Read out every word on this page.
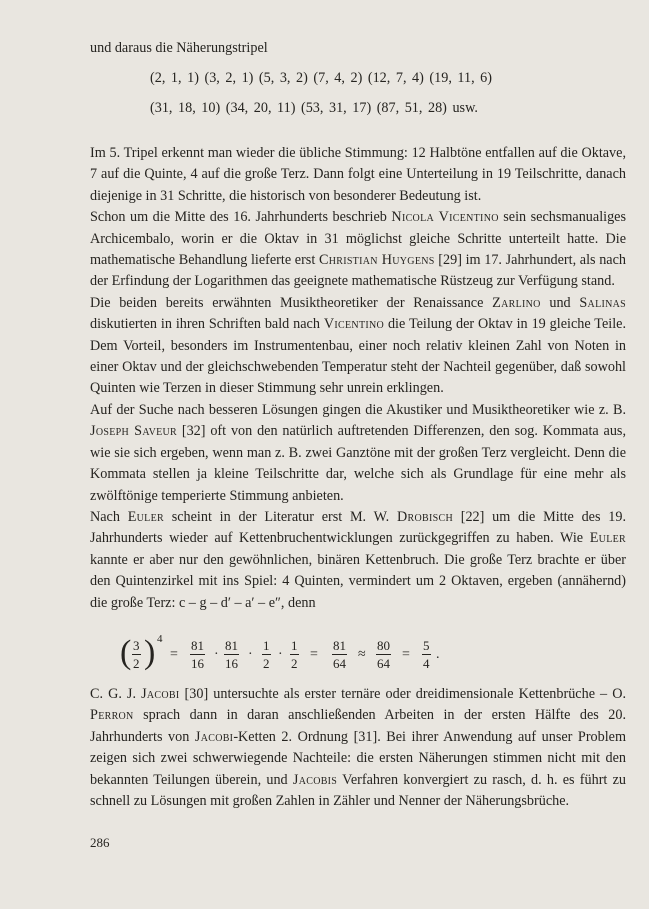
und daraus die Näherungstripel
(2, 1, 1) (3, 2, 1) (5, 3, 2) (7, 4, 2) (12, 7, 4) (19, 11, 6)
(31, 18, 10) (34, 20, 11) (53, 31, 17) (87, 51, 28) usw.
Im 5. Tripel erkennt man wieder die übliche Stimmung: 12 Halbtöne entfallen auf die Oktave, 7 auf die Quinte, 4 auf die große Terz. Dann folgt eine Unterteilung in 19 Teilschritte, danach diejenige in 31 Schritte, die historisch von besonderer Bedeutung ist.
Schon um die Mitte des 16. Jahrhunderts beschrieb Nicola Vicentino sein sechsmanualiges Archicembalo, worin er die Oktav in 31 möglichst gleiche Schritte unterteilt hatte. Die mathematische Behandlung lieferte erst Christian Huygens [29] im 17. Jahrhundert, als nach der Erfindung der Logarithmen das geeignete mathematische Rüstzeug zur Verfügung stand.
Die beiden bereits erwähnten Musiktheoretiker der Renaissance Zarlino und Salinas diskutierten in ihren Schriften bald nach Vicentino die Teilung der Oktav in 19 gleiche Teile. Dem Vorteil, besonders im Instrumentenbau, einer noch relativ kleinen Zahl von Noten in einer Oktav und der gleichschwebenden Temperatur steht der Nachteil gegenüber, daß sowohl Quinten wie Terzen in dieser Stimmung sehr unrein erklingen.
Auf der Suche nach besseren Lösungen gingen die Akustiker und Musiktheoretiker wie z. B. Joseph Saveur [32] oft von den natürlich auftretenden Differenzen, den sog. Kommata aus, wie sie sich ergeben, wenn man z. B. zwei Ganztöne mit der großen Terz vergleicht. Denn die Kommata stellen ja kleine Teilschritte dar, welche sich als Grundlage für eine mehr als zwölftönige temperierte Stimmung anbieten.
Nach Euler scheint in der Literatur erst M. W. Drobisch [22] um die Mitte des 19. Jahrhunderts wieder auf Kettenbruchentwicklungen zurückgegriffen zu haben. Wie Euler kannte er aber nur den gewöhnlichen, binären Kettenbruch. Die große Terz brachte er über den Quintenzirkel mit ins Spiel: 4 Quinten, vermindert um 2 Oktaven, ergeben (annähernd) die große Terz: c – g – d′ – a′ – e″, denn
( $\frac{3}{2}$ ) 4
= $\frac{81}{16} \cdot \frac{81}{16} \cdot \frac{1}{2} \cdot \frac{1}{2} = \frac{81}{64} \approx \frac{80}{64} = \frac{5}{4}$ .
C. G. J. Jacobi [30] untersuchte als erster ternäre oder dreidimensionale Kettenbrüche – O. Perron sprach dann in daran anschließenden Arbeiten in der ersten Hälfte des 20. Jahrhunderts von Jacobi-Ketten 2. Ordnung [31]. Bei ihrer Anwendung auf unser Problem zeigen sich zwei schwerwiegende Nachteile: die ersten Näherungen stimmen nicht mit den bekannten Teilungen überein, und Jacobis Verfahren konvergiert zu rasch, d. h. es führt zu schnell zu Lösungen mit großen Zahlen in Zähler und Nenner der Näherungsbrüche.
286
